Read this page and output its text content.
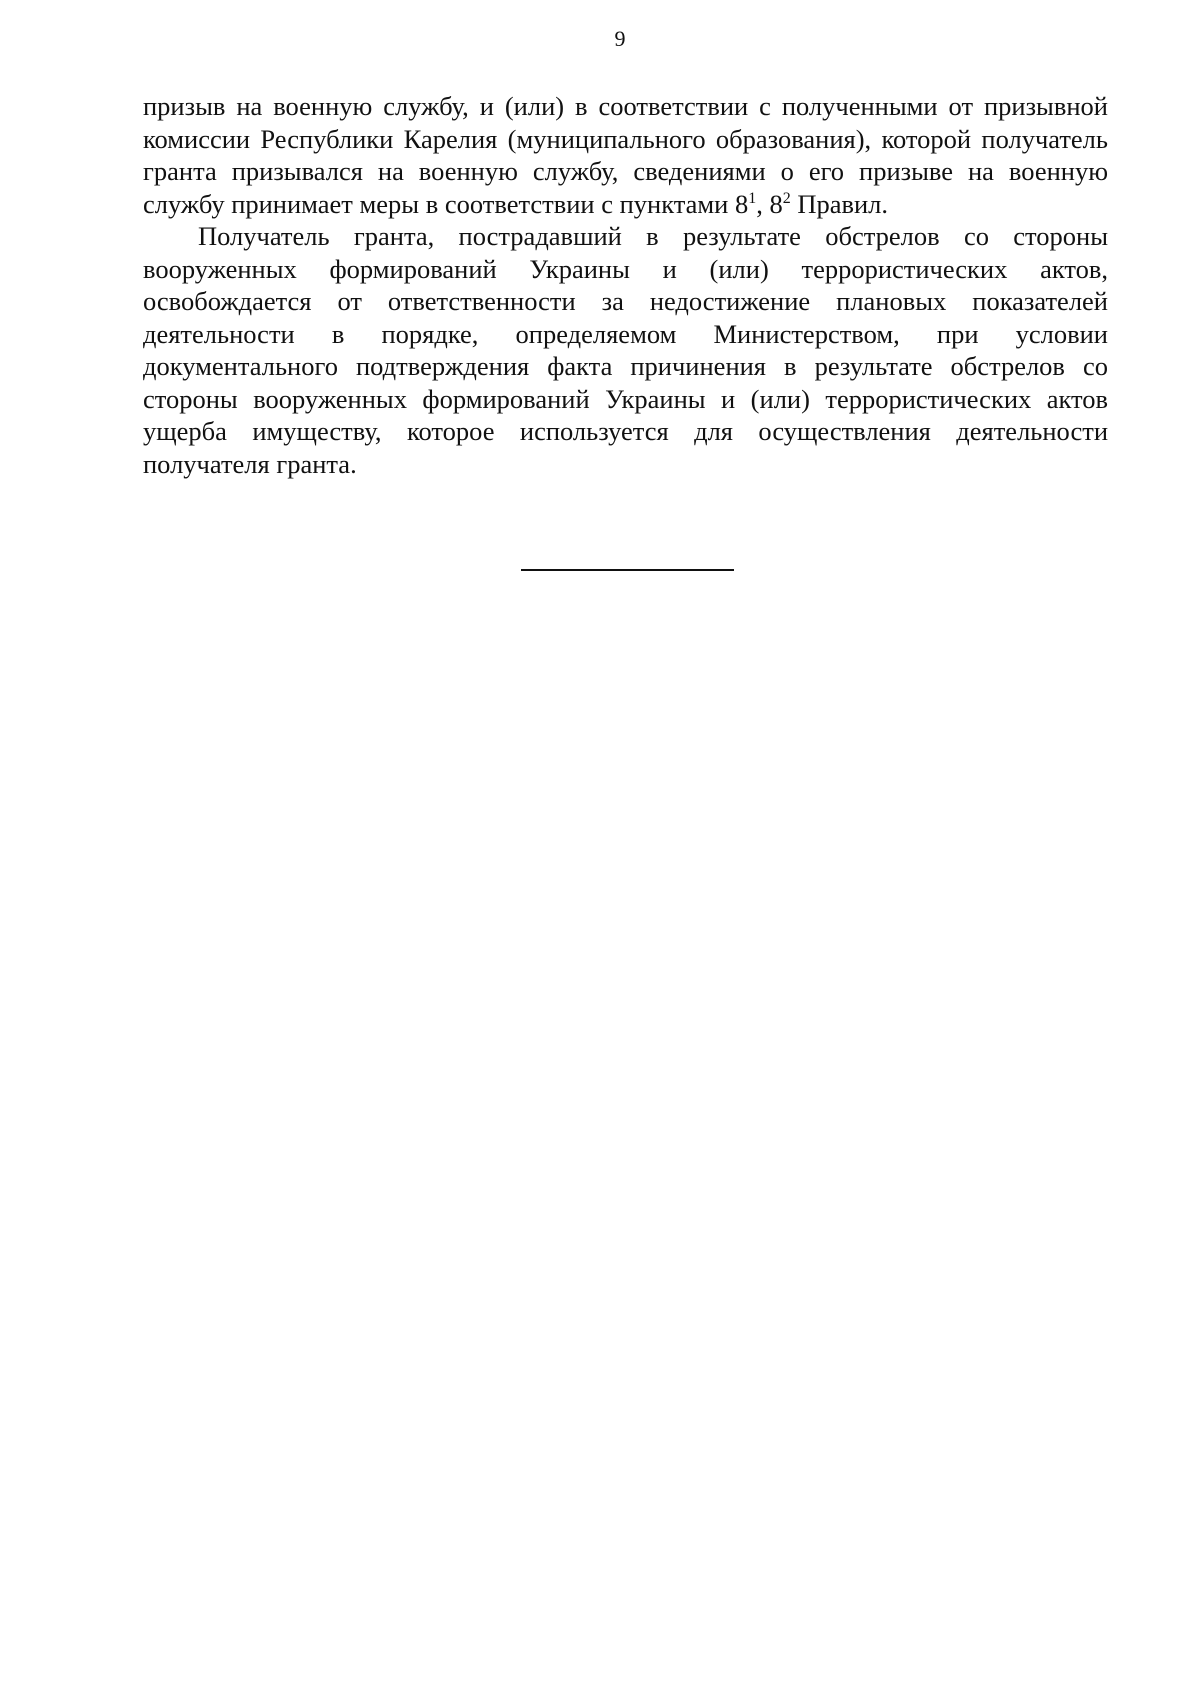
9

призыв на военную службу, и (или) в соответствии с полученными от призывной комиссии Республики Карелия (муниципального образования), которой получатель гранта призывался на военную службу, сведениями о его призыве на военную службу принимает меры в соответствии с пунктами $8^1$, $8^2$ Правил.

Получатель гранта, пострадавший в результате обстрелов со стороны вооруженных формирований Украины и (или) террористических актов, освобождается от ответственности за недостижение плановых показателей деятельности в порядке, определяемом Министерством, при условии документального подтверждения факта причинения в результате обстрелов со стороны вооруженных формирований Украины и (или) террористических актов ущерба имуществу, которое используется для осуществления деятельности получателя гранта.
